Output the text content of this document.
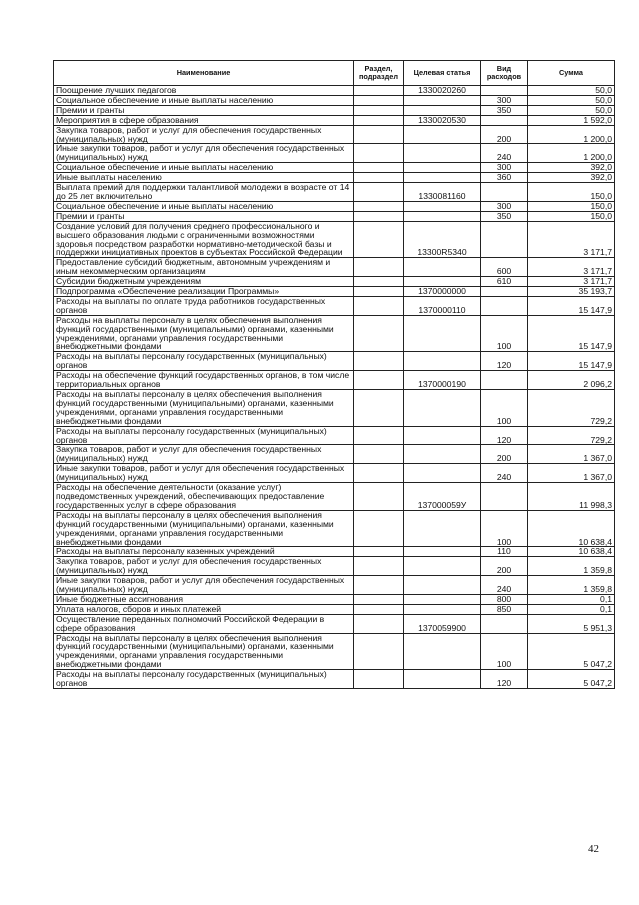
Наименование	Раздел, подраздел	Целевая статья	Вид расходов	Сумма
Поощрение лучших педагогов		1330020260		50,0
Социальное обеспечение и иные выплаты населению			300	50,0
Премии и гранты			350	50,0
Мероприятия в сфере образования		1330020530		1 592,0
Закупка товаров, работ и услуг для обеспечения государственных (муниципальных) нужд			200	1 200,0
Иные закупки товаров, работ и услуг для обеспечения государственных (муниципальных) нужд			240	1 200,0
Социальное обеспечение и иные выплаты населению			300	392,0
Иные выплаты населению			360	392,0
Выплата премий для поддержки талантливой молодежи в возрасте от 14 до 25 лет включительно		1330081160		150,0
Социальное обеспечение и иные выплаты населению			300	150,0
Премии и гранты			350	150,0
Создание условий для получения среднего профессионального и высшего образования людьми с ограниченными возможностями здоровья посредством разработки нормативно-методической базы и поддержки инициативных проектов в субъектах Российской Федерации		13300R5340		3 171,7
Предоставление субсидий бюджетным, автономным учреждениям и иным некоммерческим организациям			600	3 171,7
Субсидии бюджетным учреждениям			610	3 171,7
Подпрограмма «Обеспечение реализации Программы»		1370000000		35 193,7
Расходы на выплаты по оплате труда работников государственных органов		1370000110		15 147,9
Расходы на выплаты персоналу в целях обеспечения выполнения функций государственными (муниципальными) органами, казенными учреждениями, органами управления государственными внебюджетными фондами			100	15 147,9
Расходы на выплаты персоналу государственных (муниципальных) органов			120	15 147,9
Расходы на обеспечение функций государственных органов, в том числе территориальных органов		1370000190		2 096,2
Расходы на выплаты персоналу в целях обеспечения выполнения функций государственными (муниципальными) органами, казенными учреждениями, органами управления государственными внебюджетными фондами			100	729,2
Расходы на выплаты персоналу государственных (муниципальных) органов			120	729,2
Закупка товаров, работ и услуг для обеспечения государственных (муниципальных) нужд			200	1 367,0
Иные закупки товаров, работ и услуг для обеспечения государственных (муниципальных) нужд			240	1 367,0
Расходы на обеспечение деятельности (оказание услуг) подведомственных учреждений, обеспечивающих предоставление государственных услуг в сфере образования		137000059У		11 998,3
Расходы на выплаты персоналу в целях обеспечения выполнения функций государственными (муниципальными) органами, казенными учреждениями, органами управления государственными внебюджетными фондами			100	10 638,4
Расходы на выплаты персоналу казенных учреждений			110	10 638,4
Закупка товаров, работ и услуг для обеспечения государственных (муниципальных) нужд			200	1 359,8
Иные закупки товаров, работ и услуг для обеспечения государственных (муниципальных) нужд			240	1 359,8
Иные бюджетные ассигнования			800	0,1
Уплата налогов, сборов и иных платежей			850	0,1
Осуществление переданных полномочий Российской Федерации в сфере образования		1370059900		5 951,3
Расходы на выплаты персоналу в целях обеспечения выполнения функций государственными (муниципальными) органами, казенными учреждениями, органами управления государственными внебюджетными фондами			100	5 047,2
Расходы на выплаты персоналу государственных (муниципальных) органов			120	5 047,2
42
